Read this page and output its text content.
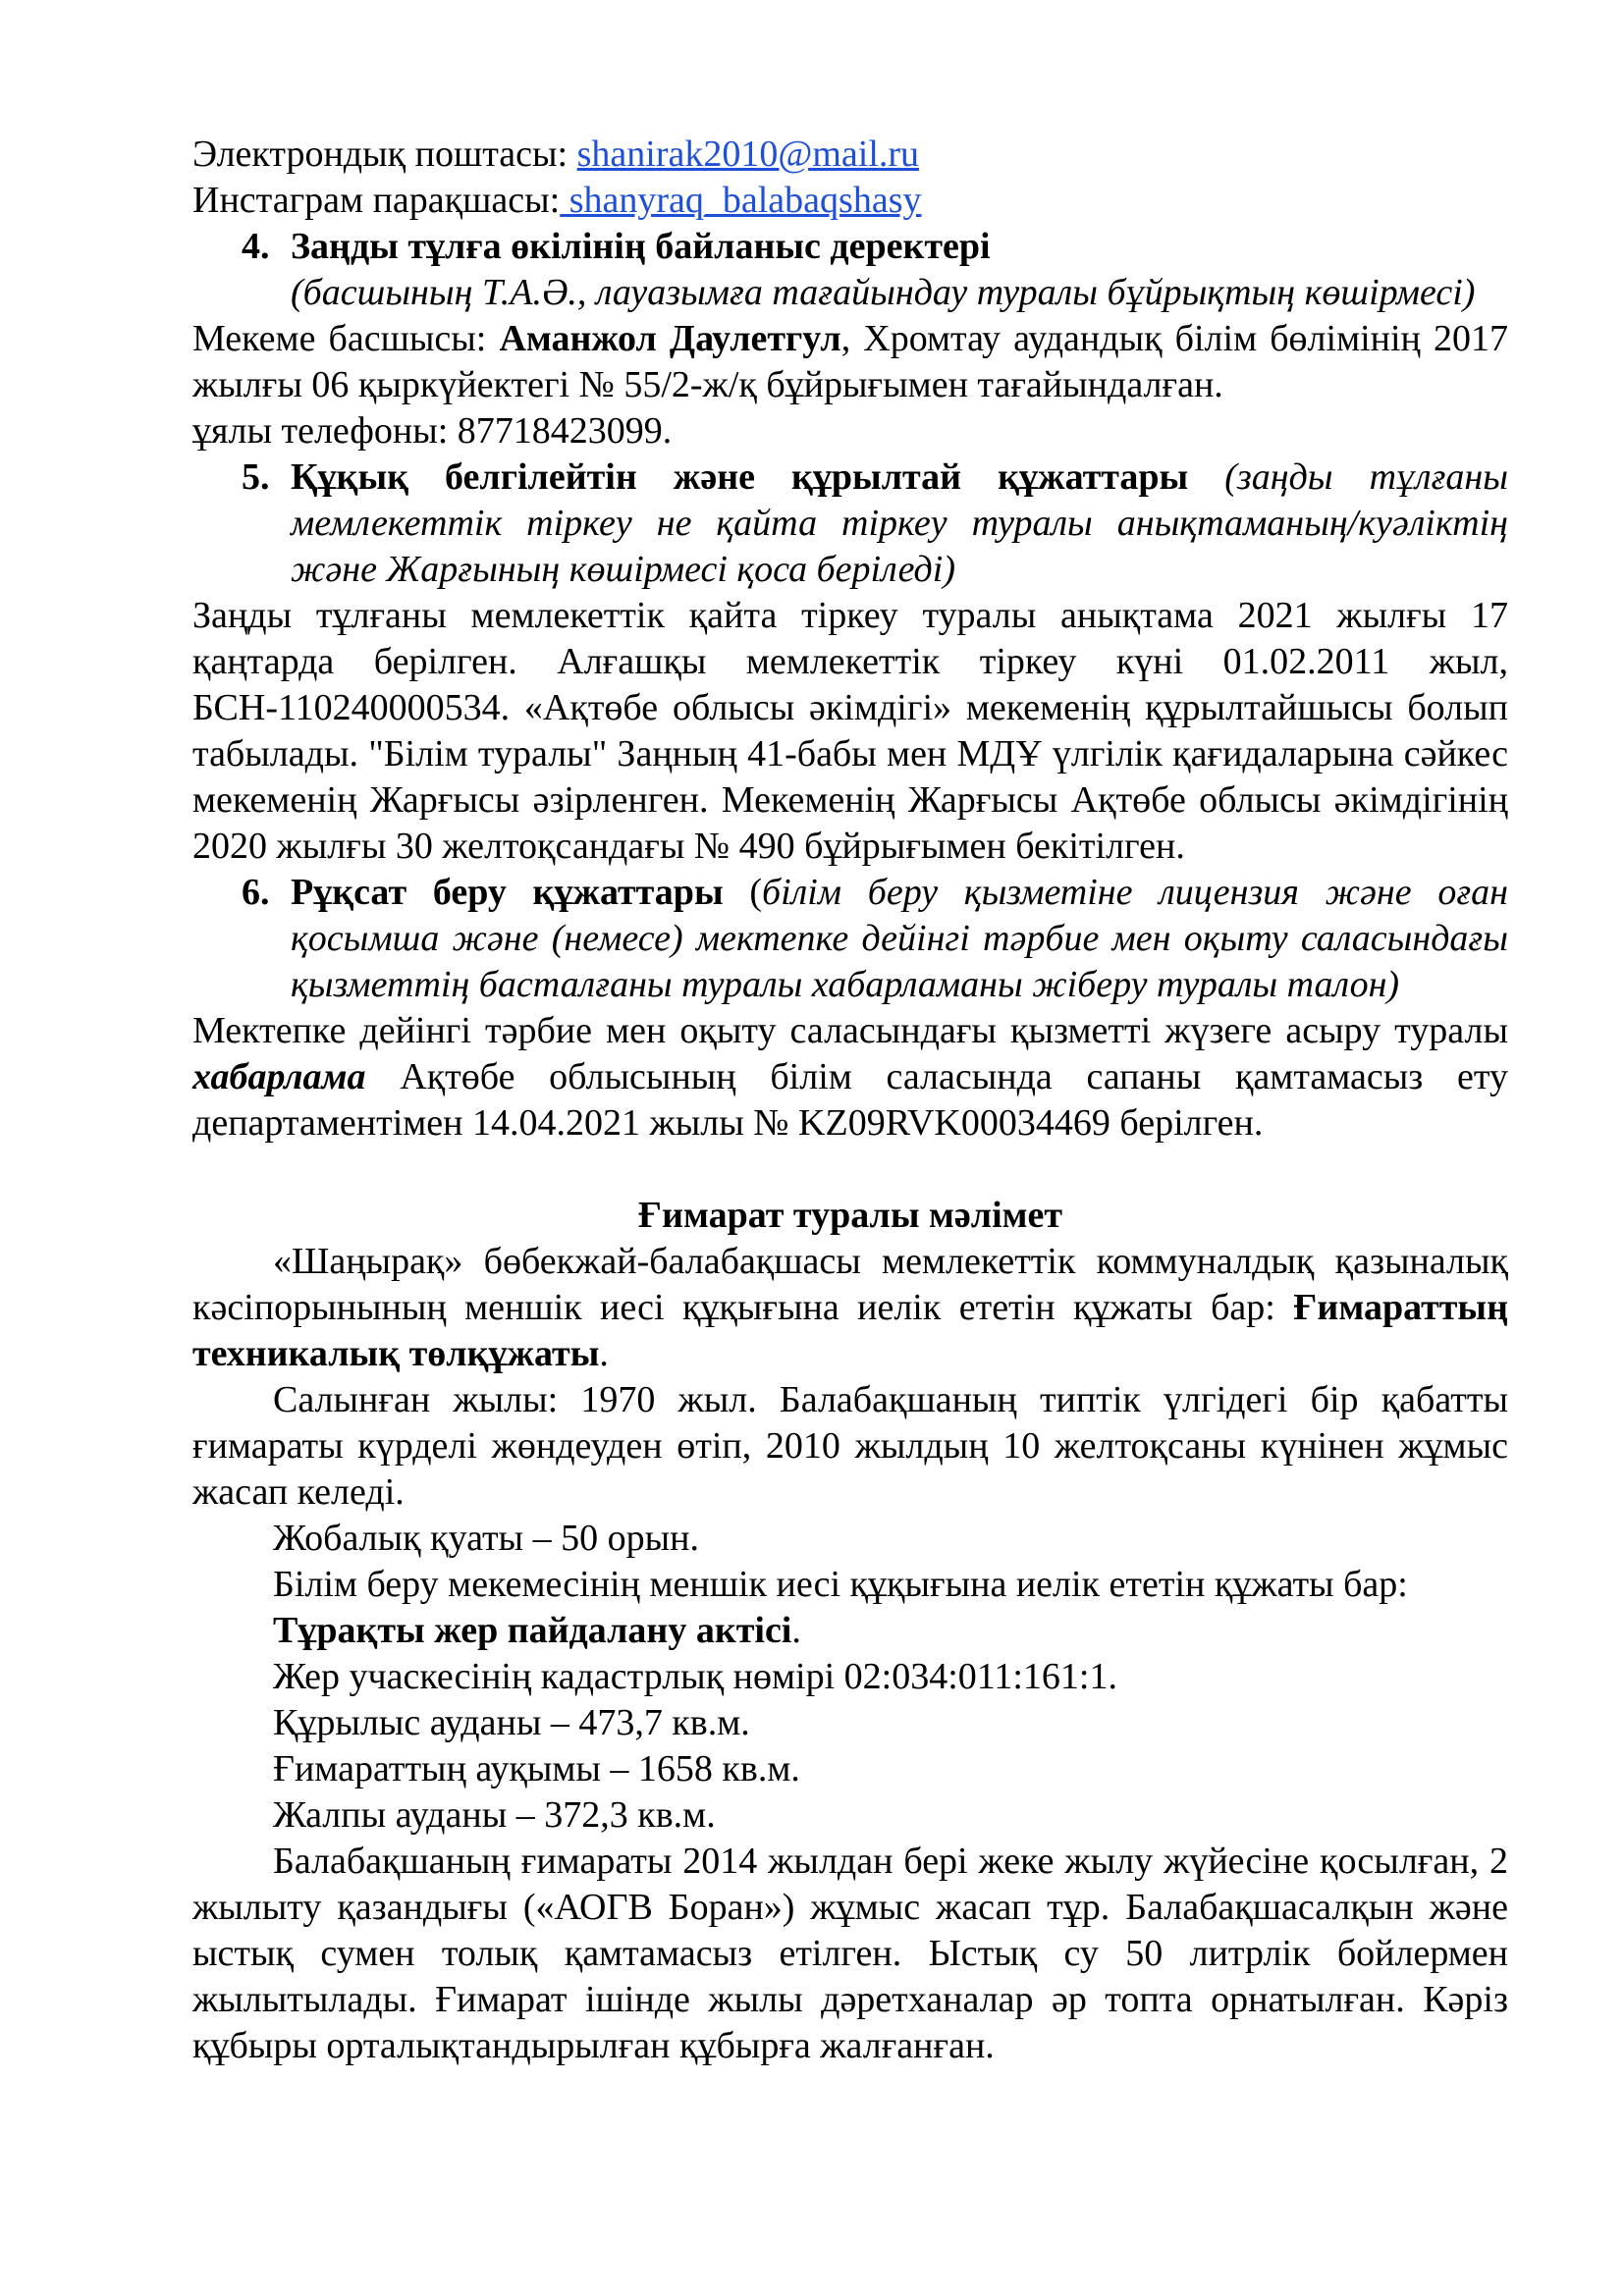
Электрондық поштасы: shanirak2010@mail.ru

Инстаграм парақшасы: shanyraq_balabaqshasy

4. Заңды тұлға өкілінің байланыс деректері
(басшының Т.А.Ә., лауазымға тағайындау туралы бұйрықтың көшірмесі)

Мекеме басшысы: Аманжол Даулетгул, Хромтау аудандық білім бөлімінің 2017 жылғы 06 қыркүйектегі № 55/2-ж/қ бұйрығымен тағайындалған.

ұялы телефоны: 87718423099.

5. Құқық белгілейтін және құрылтай құжаттары (заңды тұлғаны мемлекеттік тіркеу не қайта тіркеу туралы анықтаманың/куәліктің және Жарғының көшірмесі қоса беріледі)

Заңды тұлғаны мемлекеттік қайта тіркеу туралы анықтама 2021 жылғы 17 қаңтарда берілген. Алғашқы мемлекеттік тіркеу күні 01.02.2011 жыл, БСН-110240000534. «Ақтөбе облысы әкімдігі» мекеменің құрылтайшысы болып табылады. "Білім туралы" Заңның 41-бабы мен МДҰ үлгілік қағидаларына сәйкес мекеменің Жарғысы әзірленген. Мекеменің Жарғысы Ақтөбе облысы әкімдігінің 2020 жылғы 30 желтоқсандағы № 490 бұйрығымен бекітілген.

6. Рұқсат беру құжаттары (білім беру қызметіне лицензия және оған қосымша және (немесе) мектепке дейінгі тәрбие мен оқыту саласындағы қызметтің басталғаны туралы хабарламаны жіберу туралы талон)

Мектепке дейінгі тәрбие мен оқыту саласындағы қызметті жүзеге асыру туралы хабарлама Ақтөбе облысының білім саласында сапаны қамтамасыз ету департаментімен 14.04.2021 жылы № KZ09RVK00034469 берілген.

Ғимарат туралы мәлімет

«Шаңырақ» бөбекжай-балабақшасы мемлекеттік коммуналдық қазыналық кәсіпорынының меншік иесі құқығына иелік ететін құжаты бар: Ғимараттың техникалық төлқұжаты.

Салынған жылы: 1970 жыл. Балабақшаның типтік үлгідегі бір қабатты ғимараты күрделі жөндеуден өтіп, 2010 жылдың 10 желтоқсаны күнінен жұмыс жасап келеді.

Жобалық қуаты – 50 орын.

Білім беру мекемесінің меншік иесі құқығына иелік ететін құжаты бар:

Тұрақты жер пайдалану актісі.

Жер учаскесінің кадастрлық нөмірі 02:034:011:161:1.

Құрылыс ауданы – 473,7 кв.м.

Ғимараттың ауқымы – 1658 кв.м.

Жалпы ауданы – 372,3 кв.м.

Балабақшаның ғимараты 2014 жылдан бері жеке жылу жүйесіне қосылған, 2 жылыту қазандығы («АОГВ Боран») жұмыс жасап тұр. Балабақшасалқын және ыстық сумен толық қамтамасыз етілген. Ыстық су 50 литрлік бойлермен жылытылады. Ғимарат ішінде жылы дәретханалар әр топта орнатылған. Кәріз құбыры орталықтандырылған құбырға жалғанған.
